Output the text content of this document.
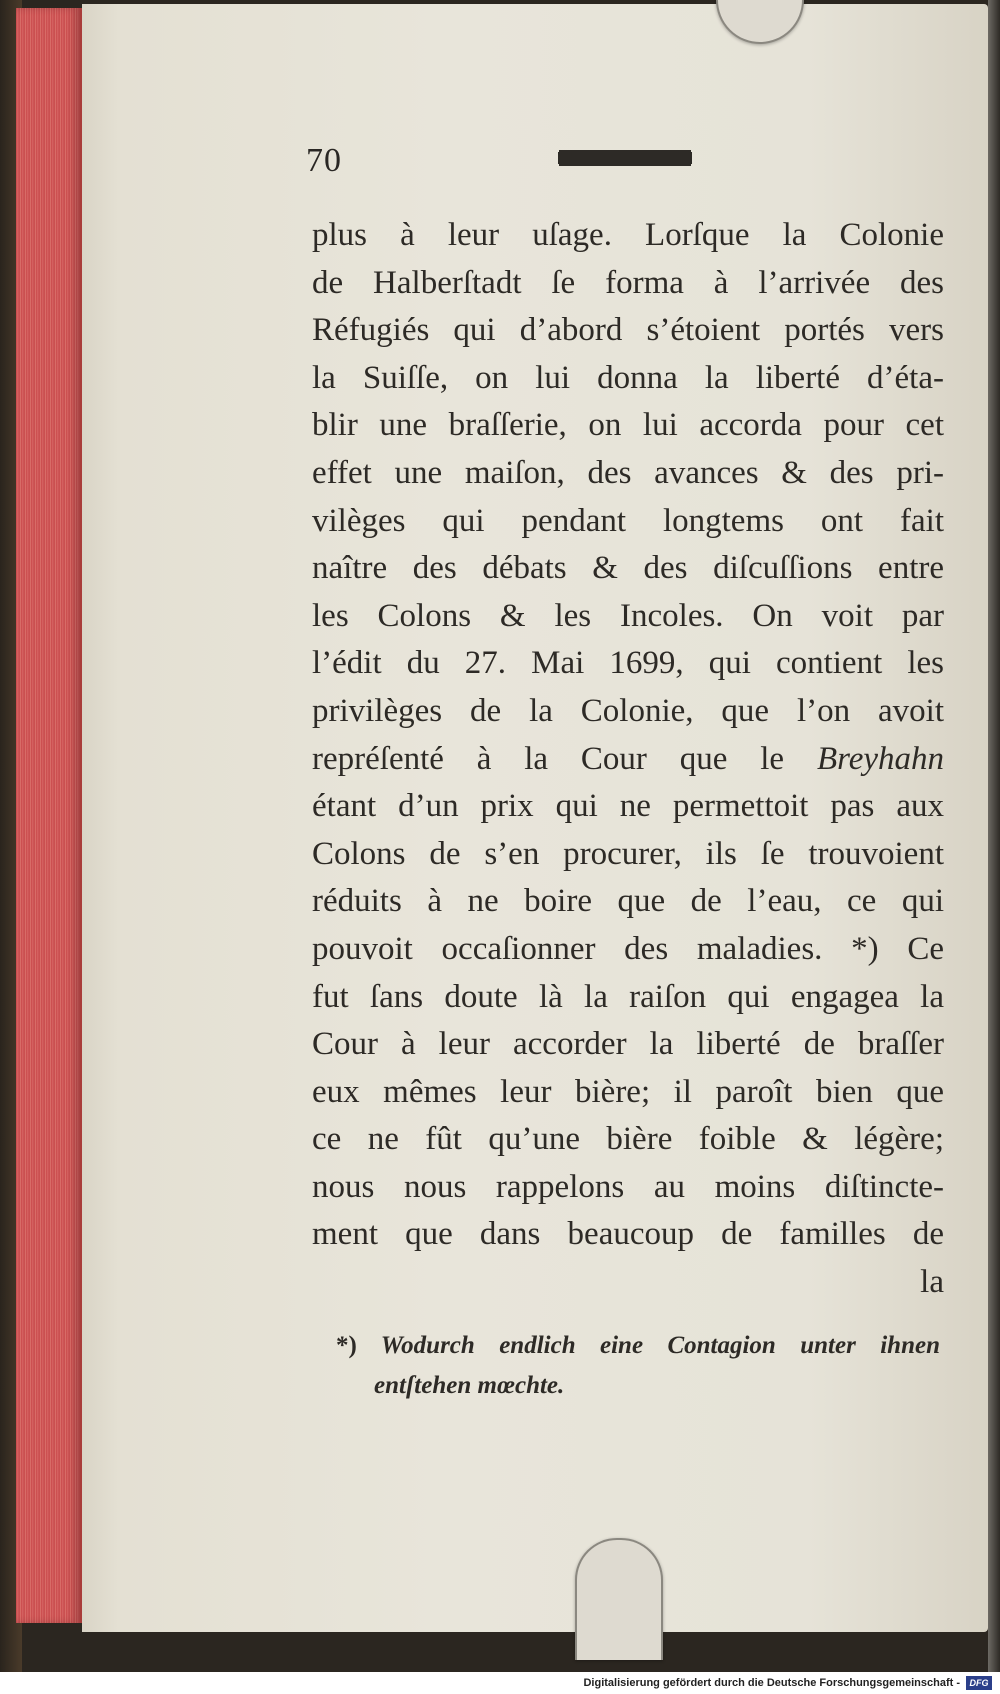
70
plus à leur uſage. Lorſque la Colonie
de Halberſtadt ſe forma à l’arrivée des
Réfugiés qui d’abord s’étoient portés vers
la Suiſſe, on lui donna la liberté d’éta-
blir une braſſerie, on lui accorda pour cet
effet une maiſon, des avances & des pri-
vilèges qui pendant longtems ont fait
naître des débats & des diſcuſſions entre
les Colons & les Incoles. On voit par
l’édit du 27. Mai 1699, qui contient les
privilèges de la Colonie, que l’on avoit
repréſenté à la Cour que le Breyhahn
étant d’un prix qui ne permettoit pas aux
Colons de s’en procurer, ils ſe trouvoient
réduits à ne boire que de l’eau, ce qui
pouvoit occaſionner des maladies. *) Ce
fut ſans doute là la raiſon qui engagea la
Cour à leur accorder la liberté de braſſer
eux mêmes leur bière; il paroît bien que
ce ne fût qu’une bière foible & légère;
nous nous rappelons au moins diſtincte-
ment que dans beaucoup de familles de
la
*) Wodurch endlich eine Contagion unter ihnen
entſtehen mœchte.
Digitalisierung gefördert durch die Deutsche Forschungsgemeinschaft -	DFG
